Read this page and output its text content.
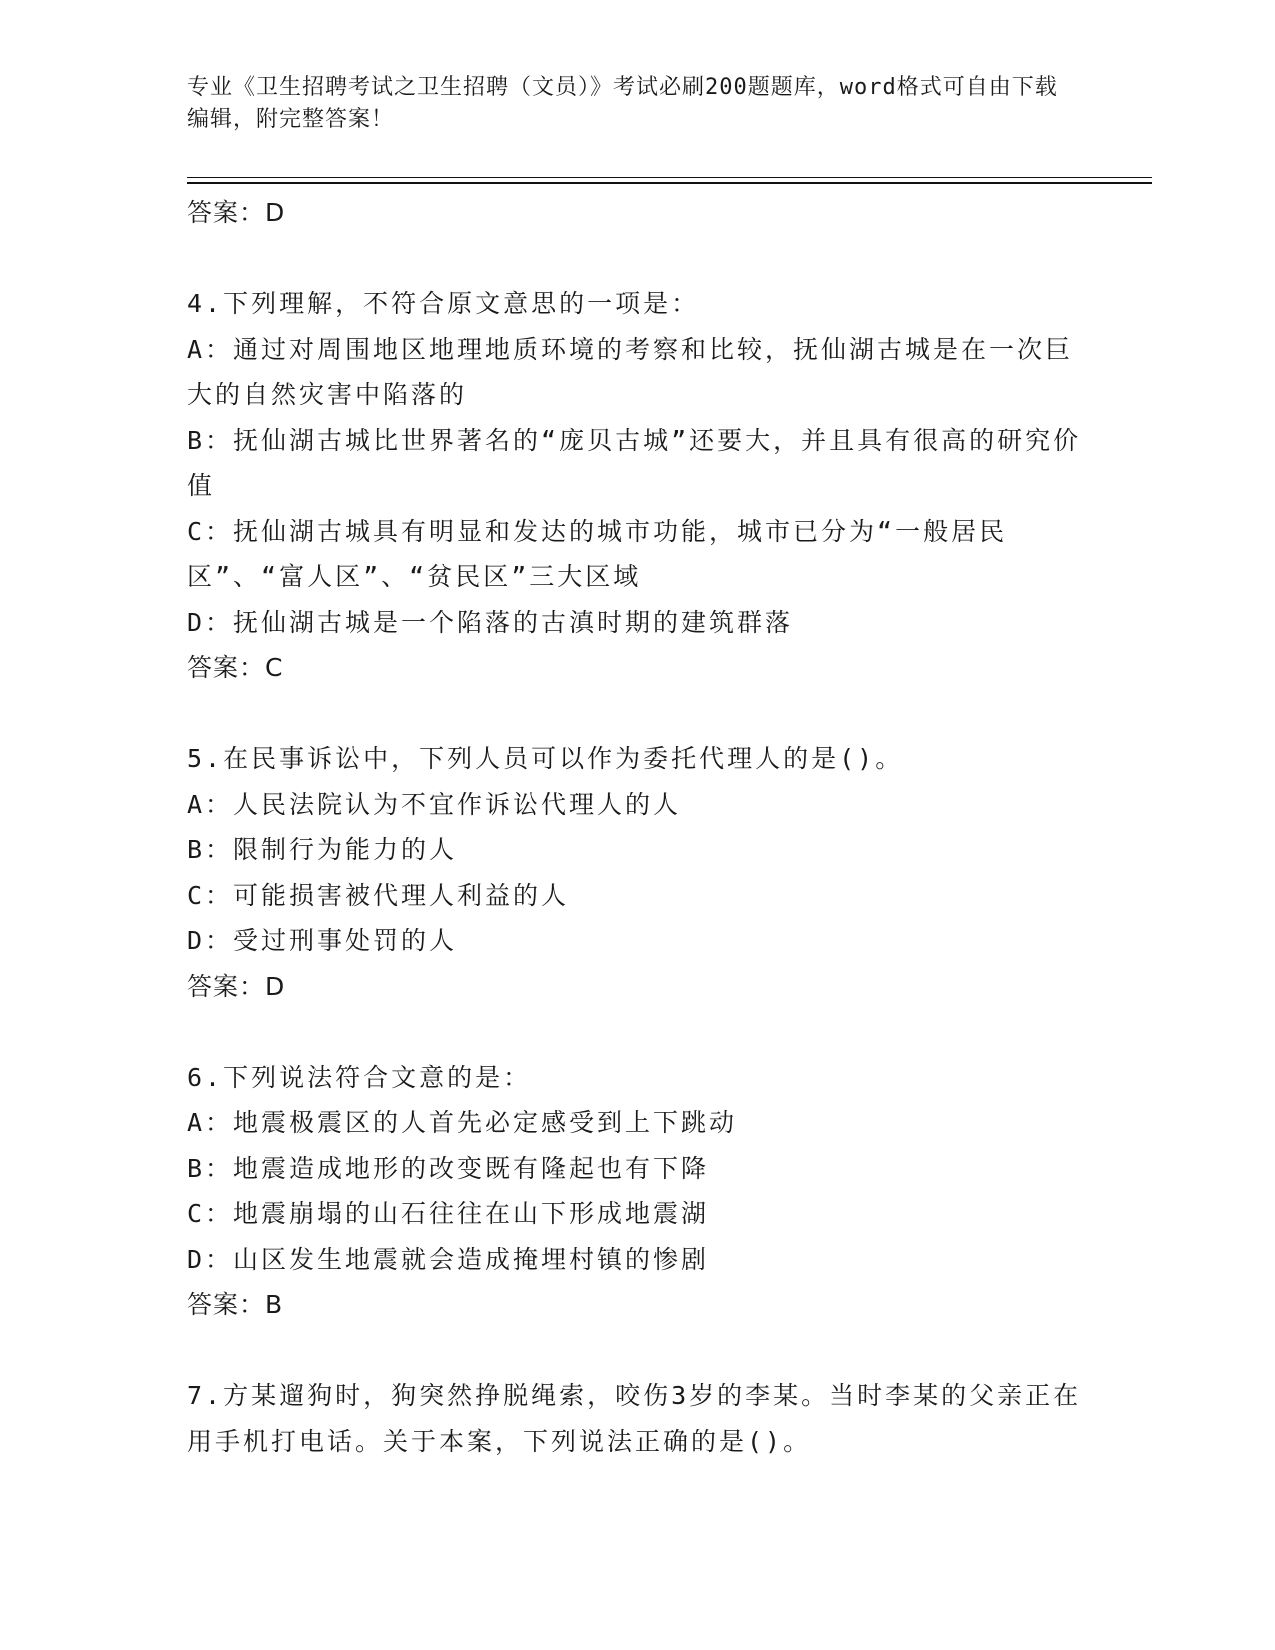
专业《卫生招聘考试之卫生招聘（文员）》考试必刷200题题库，word格式可自由下载编辑，附完整答案！

答案：D

4.下列理解，不符合原文意思的一项是：

A：通过对周围地区地理地质环境的考察和比较，抚仙湖古城是在一次巨大的自然灾害中陷落的

B：抚仙湖古城比世界著名的“庞贝古城”还要大，并且具有很高的研究价值

C：抚仙湖古城具有明显和发达的城市功能，城市已分为“一般居民区”、“富人区”、“贫民区”三大区域

D：抚仙湖古城是一个陷落的古滇时期的建筑群落

答案：C

5.在民事诉讼中，下列人员可以作为委托代理人的是()。

A：人民法院认为不宜作诉讼代理人的人

B：限制行为能力的人

C：可能损害被代理人利益的人

D：受过刑事处罚的人

答案：D

6.下列说法符合文意的是：

A：地震极震区的人首先必定感受到上下跳动

B：地震造成地形的改变既有隆起也有下降

C：地震崩塌的山石往往在山下形成地震湖

D：山区发生地震就会造成掩埋村镇的惨剧

答案：B

7.方某遛狗时，狗突然挣脱绳索，咬伤3岁的李某。当时李某的父亲正在用手机打电话。关于本案，下列说法正确的是()。
